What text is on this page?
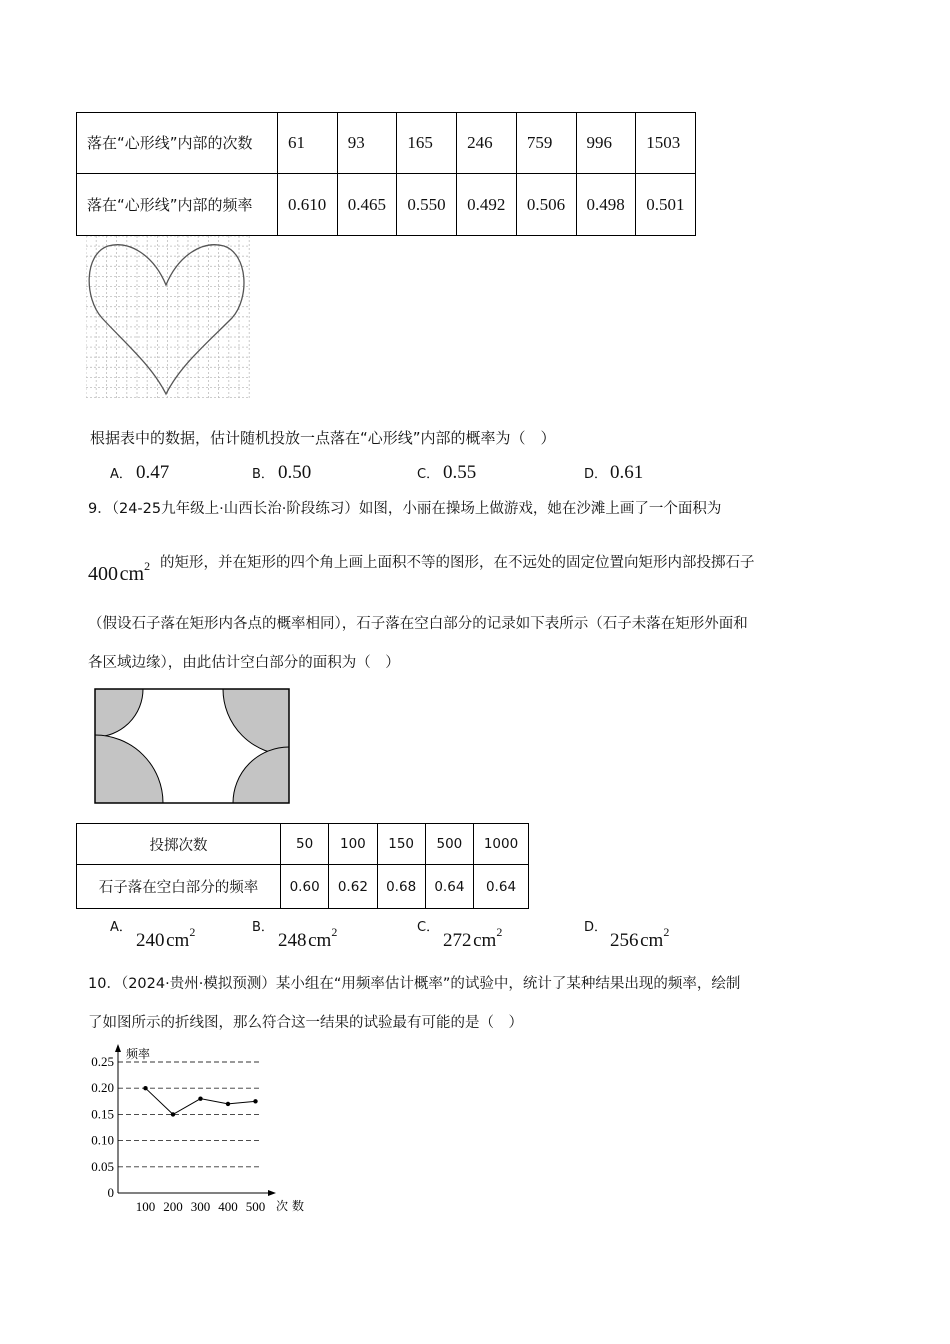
落在“心形线”内部的次数	61	93	165	246	759	996	1503
落在“心形线”内部的频率	0.610	0.465	0.550	0.492	0.506	0.498	0.501
根据表中的数据，估计随机投放一点落在“心形线”内部的概率为（　）
A． 0.47	B． 0.50	C． 0.55	D． 0.61
9．（24-25九年级上·山西长治·阶段练习）如图，小丽在操场上做游戏，她在沙滩上画了一个面积为
400 $cm^2$ 的矩形，并在矩形的四个角上画上面积不等的图形，在不远处的固定位置向矩形内部投掷石子
（假设石子落在矩形内各点的概率相同），石子落在空白部分的记录如下表所示（石子未落在矩形外面和
各区域边缘），由此估计空白部分的面积为（　）
投掷次数	50	100	150	500	1000
石子落在空白部分的频率	0.60	0.62	0.68	0.64	0.64
A．
240 $cm^2$	B．
248 $cm^2$	C．
272 $cm^2$	D．
256 $cm^2$
10．（2024·贵州·模拟预测）某小组在“用频率估计概率”的试验中，统计了某种结果出现的频率，绘制
了如图所示的折线图，那么符合这一结果的试验最有可能的是（　）
0
0.05
0.10
0.15
0.20
0.25
100 200 300 400 500
频率
次数
